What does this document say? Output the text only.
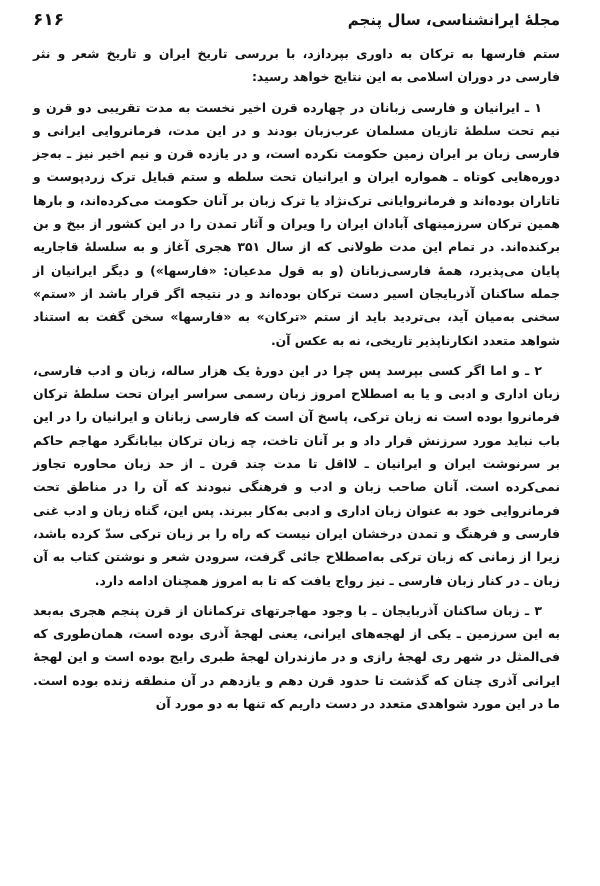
مجلهٔ ایرانشناسی، سال پنجم
۶۱۶

ستم فارسها به ترکان به داوری بپردازد، با بررسی تاریخ ایران و تاریخ شعر و نثر فارسی در دوران اسلامی به این نتایج خواهد رسید:

۱ ـ ایرانیان و فارسی زبانان در چهارده قرن اخیر نخست به مدت تقریبی دو قرن و نیم تحت سلطهٔ تازیان مسلمان عرب‌زبان بودند و در این مدت، فرمانروایی ایرانی و فارسی زبان بر ایران زمین حکومت نکرده است، و در یازده قرن و نیم اخیر نیز ـ به‌جز دوره‌هایی کوتاه ـ همواره ایران و ایرانیان تحت سلطه و ستم قبایل ترک زردپوست و تاتاران بوده‌اند و فرمانروایانی ترک‌نژاد یا ترک زبان بر آنان حکومت می‌کرده‌اند، و بارها همین ترکان سرزمینهای آبادان ایران را ویران و آثار تمدن را در این کشور از بیخ و بن برکنده‌اند. در تمام این مدت طولانی که از سال ۳۵۱ هجری آغاز و به سلسلهٔ قاجاریه پایان می‌پذیرد، همهٔ فارسی‌زبانان (و به قول مدعیان: «فارسها») و دیگر ایرانیان از جمله ساکنان آذربایجان اسیر دست ترکان بوده‌اند و در نتیجه اگر قرار باشد از «ستم» سخنی به‌میان آید، بی‌تردید باید از ستم «ترکان» به «فارسها» سخن گفت به استناد شواهد متعدد انکارناپذیر تاریخی، نه به عکس آن.

۲ ـ و اما اگر کسی بپرسد پس چرا در این دورهٔ یک هزار ساله، زبان و ادب فارسی، زبان اداری و ادبی و یا به اصطلاح امروز زبان رسمی سراسر ایران تحت سلطهٔ ترکان فرمانروا بوده است نه زبان ترکی، پاسخ آن است که فارسی زبانان و ایرانیان را در این باب نباید مورد سرزنش قرار داد و بر آنان تاخت، چه زبان ترکان بیابانگرد مهاجم حاکم بر سرنوشت ایران و ایرانیان ـ لااقل تا مدت چند قرن ـ از حد زبان محاوره تجاوز نمی‌کرده است. آنان صاحب زبان و ادب و فرهنگی نبودند که آن را در مناطق تحت فرمانروایی خود به عنوان زبان اداری و ادبی به‌کار ببرند. پس این، گناه زبان و ادب غنی فارسی و فرهنگ و تمدن درخشان ایران نیست که راه را بر زبان ترکی سدّ کرده باشد، زیرا از زمانی که زبان ترکی به‌اصطلاح جائی گرفت، سرودن شعر و نوشتن کتاب به آن زبان ـ در کنار زبان فارسی ـ نیز رواج یافت که تا به امروز همچنان ادامه دارد.

۳ ـ زبان ساکنان آذربایجان ـ با وجود مهاجرتهای ترکمانان از قرن پنجم هجری به‌بعد به این سرزمین ـ یکی از لهجه‌های ایرانی، یعنی لهجهٔ آذری بوده است، همان‌طوری که فی‌المثل در شهر ری لهجهٔ رازی و در مازندران لهجهٔ طبری رایج بوده است و این لهجهٔ ایرانی آذری چنان که گذشت تا حدود قرن دهم و یازدهم در آن منطقه زنده بوده است. ما در این مورد شواهدی متعدد در دست داریم که تنها به دو مورد آن
